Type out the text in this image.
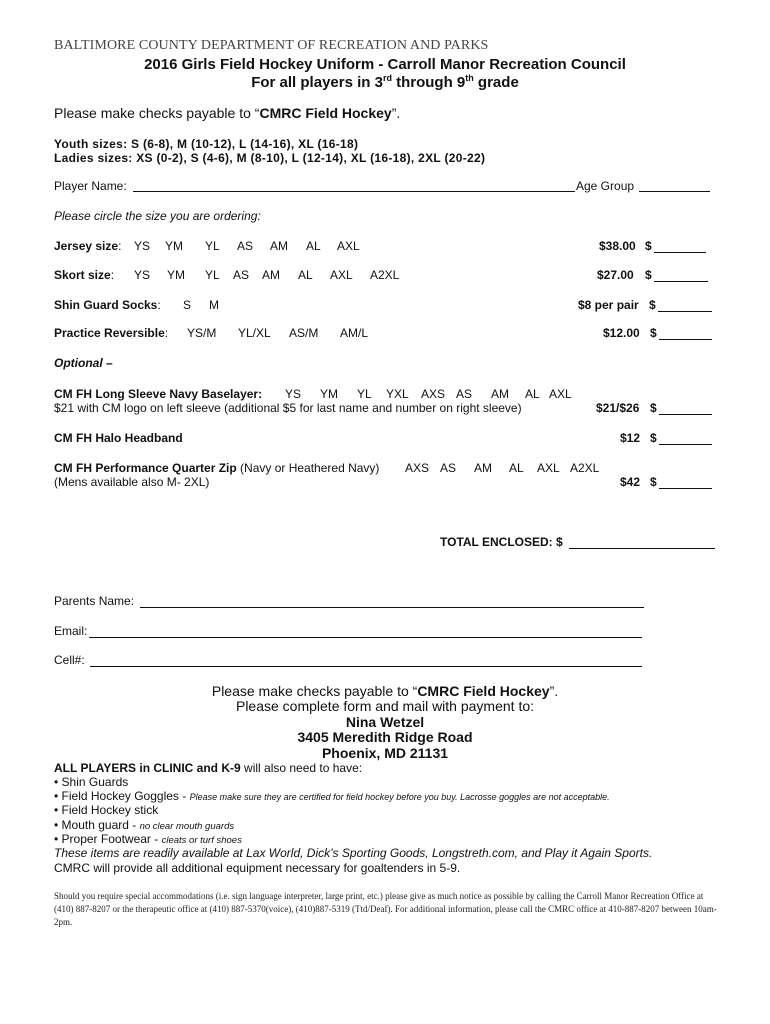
BALTIMORE COUNTY DEPARTMENT OF RECREATION AND PARKS
2016 Girls Field Hockey Uniform - Carroll Manor Recreation Council
For all players in 3rd through 9th grade
Please make checks payable to “CMRC Field Hockey”.
Youth sizes: S (6-8), M (10-12), L (14-16), XL (16-18)
Ladies sizes: XS (0-2), S (4-6), M (8-10), L (12-14), XL (16-18), 2XL (20-22)
Player Name:	Age Group
Please circle the size you are ordering:
Jersey size: YS YM YL AS AM AL AXL	$38.00 $
Skort size: YS YM YL AS AM AL AXL A2XL	$27.00 $
Shin Guard Socks: S M	$8 per pair $
Practice Reversible: YS/M YL/XL AS/M AM/L	$12.00 $
Optional –
CM FH Long Sleeve Navy Baselayer: YS YM YL YXL AXS AS AM AL AXL
$21 with CM logo on left sleeve (additional $5 for last name and number on right sleeve)	$21/$26 $
CM FH Halo Headband	$12 $
CM FH Performance Quarter Zip (Navy or Heathered Navy) AXS AS AM AL AXL A2XL
(Mens available also M- 2XL)	$42 $
TOTAL ENCLOSED: $
Parents Name:
Email:
Cell#:
Please make checks payable to “CMRC Field Hockey”.
Please complete form and mail with payment to:
Nina Wetzel
3405 Meredith Ridge Road
Phoenix, MD 21131
ALL PLAYERS in CLINIC and K-9 will also need to have:
• Shin Guards
• Field Hockey Goggles - Please make sure they are certified for field hockey before you buy. Lacrosse goggles are not acceptable.
• Field Hockey stick
• Mouth guard - no clear mouth guards
• Proper Footwear - cleats or turf shoes
These items are readily available at Lax World, Dick’s Sporting Goods, Longstreth.com, and Play it Again Sports.
CMRC will provide all additional equipment necessary for goaltenders in 5-9.
Should you require special accommodations (i.e. sign language interpreter, large print, etc.) please give as much notice as possible by calling the Carroll Manor Recreation Office at (410) 887-8207 or the therapeutic office at (410) 887-5370(voice), (410)887-5319 (Ttd/Deaf). For additional information, please call the CMRC office at 410-887-8207 between 10am-2pm.
